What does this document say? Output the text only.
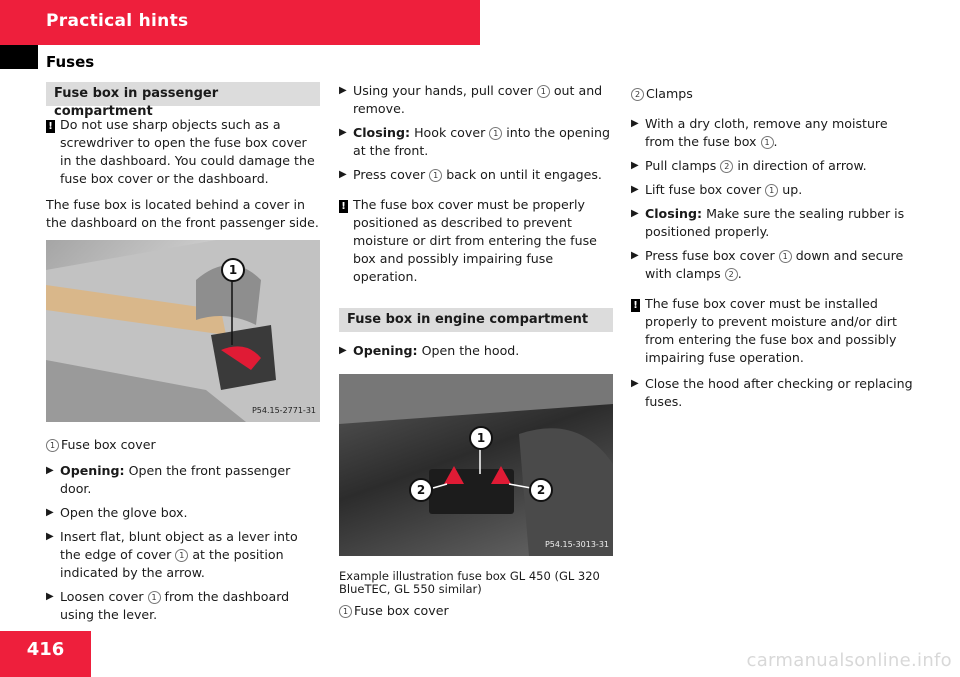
Practical hints
Fuses
Fuse box in passenger compartment
! Do not use sharp objects such as a screwdriver to open the fuse box cover in the dashboard. You could damage the fuse box cover or the dashboard.
The fuse box is located behind a cover in the dashboard on the front passenger side.
1
P54.15-2771-31
1 Fuse box cover
▶ Opening: Open the front passenger door.
▶ Open the glove box.
▶ Insert flat, blunt object as a lever into the edge of cover 1 at the position indicated by the arrow.
▶ Loosen cover 1 from the dashboard using the lever.
▶ Using your hands, pull cover 1 out and remove.
▶ Closing: Hook cover 1 into the opening at the front.
▶ Press cover 1 back on until it engages.
! The fuse box cover must be properly positioned as described to prevent moisture or dirt from entering the fuse box and possibly impairing fuse operation.
Fuse box in engine compartment
▶ Opening: Open the hood.
1
2	2
P54.15-3013-31
Example illustration fuse box GL 450 (GL 320 BlueTEC, GL 550 similar)
1 Fuse box cover
2 Clamps
▶ With a dry cloth, remove any moisture from the fuse box 1 .
▶ Pull clamps 2 in direction of arrow.
▶ Lift fuse box cover 1 up.
▶ Closing: Make sure the sealing rubber is positioned properly.
▶ Press fuse box cover 1 down and secure with clamps 2 .
! The fuse box cover must be installed properly to prevent moisture and/or dirt from entering the fuse box and possibly impairing fuse operation.
▶ Close the hood after checking or replacing fuses.
416
carmanualsonline.info
